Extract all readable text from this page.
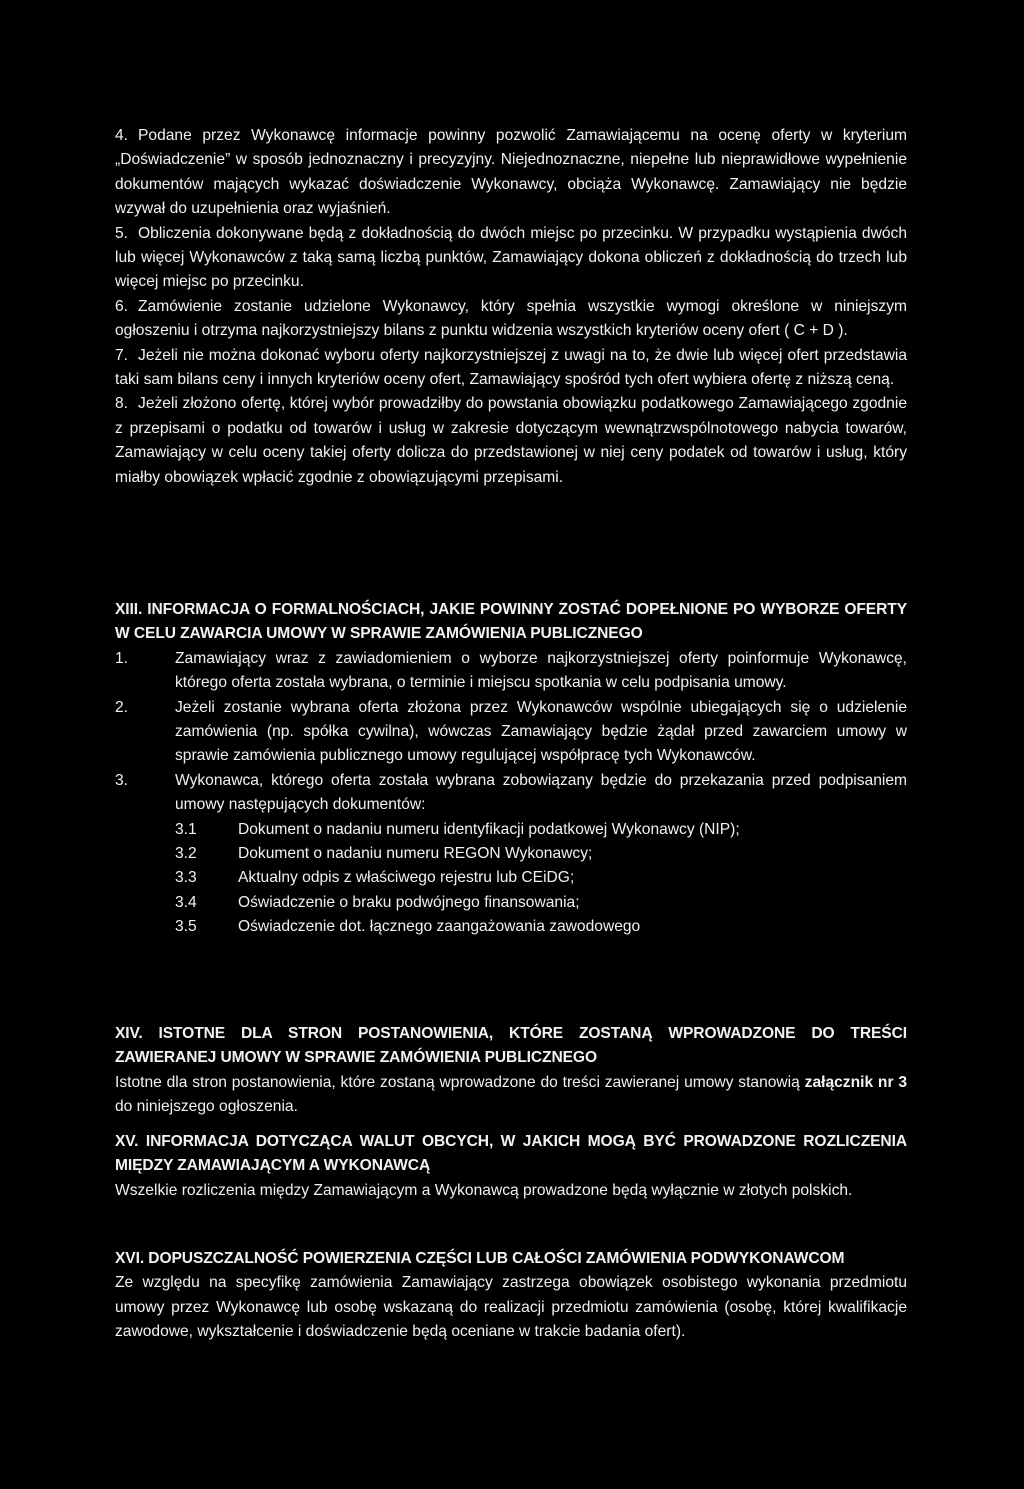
4. Podane przez Wykonawcę informacje powinny pozwolić Zamawiającemu na ocenę oferty w kryterium „Doświadczenie” w sposób jednoznaczny i precyzyjny. Niejednoznaczne, niepełne lub nieprawidłowe wypełnienie dokumentów mających wykazać doświadczenie Wykonawcy, obciąża Wykonawcę. Zamawiający nie będzie wzywał do uzupełnienia oraz wyjaśnień.

5. Obliczenia dokonywane będą z dokładnością do dwóch miejsc po przecinku. W przypadku wystąpienia dwóch lub więcej Wykonawców z taką samą liczbą punktów, Zamawiający dokona obliczeń z dokładnością do trzech lub więcej miejsc po przecinku.

6. Zamówienie zostanie udzielone Wykonawcy, który spełnia wszystkie wymogi określone w niniejszym ogłoszeniu i otrzyma najkorzystniejszy bilans z punktu widzenia wszystkich kryteriów oceny ofert ( C + D ).

7. Jeżeli nie można dokonać wyboru oferty najkorzystniejszej z uwagi na to, że dwie lub więcej ofert przedstawia taki sam bilans ceny i innych kryteriów oceny ofert, Zamawiający spośród tych ofert wybiera ofertę z niższą ceną.

8. Jeżeli złożono ofertę, której wybór prowadziłby do powstania obowiązku podatkowego Zamawiającego zgodnie z przepisami o podatku od towarów i usług w zakresie dotyczącym wewnątrzwspólnotowego nabycia towarów, Zamawiający w celu oceny takiej oferty dolicza do przedstawionej w niej ceny podatek od towarów i usług, który miałby obowiązek wpłacić zgodnie z obowiązującymi przepisami.

XIII. INFORMACJA O FORMALNOŚCIACH, JAKIE POWINNY ZOSTAĆ DOPEŁNIONE PO WYBORZE OFERTY W CELU ZAWARCIA UMOWY W SPRAWIE ZAMÓWIENIA PUBLICZNEGO

1.	Zamawiający wraz z zawiadomieniem o wyborze najkorzystniejszej oferty poinformuje Wykonawcę, którego oferta została wybrana, o terminie i miejscu spotkania w celu podpisania umowy.
2.	Jeżeli zostanie wybrana oferta złożona przez Wykonawców wspólnie ubiegających się o udzielenie zamówienia (np. spółka cywilna), wówczas Zamawiający będzie żądał przed zawarciem umowy w sprawie zamówienia publicznego umowy regulującej współpracę tych Wykonawców.
3.	Wykonawca, którego oferta została wybrana zobowiązany będzie do przekazania przed podpisaniem umowy następujących dokumentów:
3.1	Dokument o nadaniu numeru identyfikacji podatkowej Wykonawcy (NIP);
3.2	Dokument o nadaniu numeru REGON Wykonawcy;
3.3	Aktualny odpis z właściwego rejestru lub CEiDG;
3.4	Oświadczenie o braku podwójnego finansowania;
3.5	Oświadczenie dot. łącznego zaangażowania zawodowego

XIV. ISTOTNE DLA STRON POSTANOWIENIA, KTÓRE ZOSTANĄ WPROWADZONE DO TREŚCI ZAWIERANEJ UMOWY W SPRAWIE ZAMÓWIENIA PUBLICZNEGO

Istotne dla stron postanowienia, które zostaną wprowadzone do treści zawieranej umowy stanowią załącznik nr 3 do niniejszego ogłoszenia.

XV. INFORMACJA DOTYCZĄCA WALUT OBCYCH, W JAKICH MOGĄ BYĆ PROWADZONE ROZLICZENIA MIĘDZY ZAMAWIAJĄCYM A WYKONAWCĄ

Wszelkie rozliczenia między Zamawiającym a Wykonawcą prowadzone będą wyłącznie w złotych polskich.

XVI. DOPUSZCZALNOŚĆ POWIERZENIA CZĘŚCI LUB CAŁOŚCI ZAMÓWIENIA PODWYKONAWCOM

Ze względu na specyfikę zamówienia Zamawiający zastrzega obowiązek osobistego wykonania przedmiotu umowy przez Wykonawcę lub osobę wskazaną do realizacji przedmiotu zamówienia (osobę, której kwalifikacje zawodowe, wykształcenie i doświadczenie będą oceniane w trakcie badania ofert).
